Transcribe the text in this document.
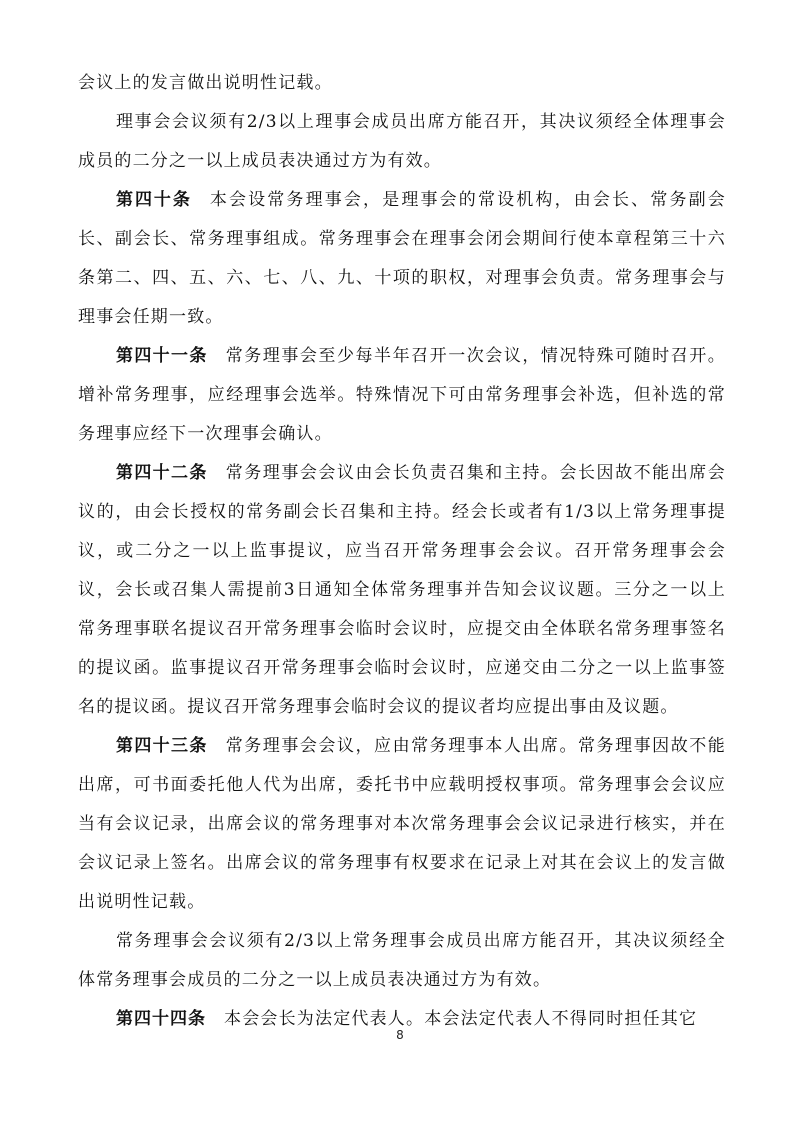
会议上的发言做出说明性记载。

理事会会议须有2/3以上理事会成员出席方能召开，其决议须经全体理事会成员的二分之一以上成员表决通过方为有效。

第四十条 本会设常务理事会，是理事会的常设机构，由会长、常务副会长、副会长、常务理事组成。常务理事会在理事会闭会期间行使本章程第三十六条第二、四、五、六、七、八、九、十项的职权，对理事会负责。常务理事会与理事会任期一致。

第四十一条 常务理事会至少每半年召开一次会议，情况特殊可随时召开。增补常务理事，应经理事会选举。特殊情况下可由常务理事会补选，但补选的常务理事应经下一次理事会确认。

第四十二条 常务理事会会议由会长负责召集和主持。会长因故不能出席会议的，由会长授权的常务副会长召集和主持。经会长或者有1/3以上常务理事提议，或二分之一以上监事提议，应当召开常务理事会会议。召开常务理事会会议，会长或召集人需提前3日通知全体常务理事并告知会议议题。三分之一以上常务理事联名提议召开常务理事会临时会议时，应提交由全体联名常务理事签名的提议函。监事提议召开常务理事会临时会议时，应递交由二分之一以上监事签名的提议函。提议召开常务理事会临时会议的提议者均应提出事由及议题。

第四十三条 常务理事会会议，应由常务理事本人出席。常务理事因故不能出席，可书面委托他人代为出席，委托书中应载明授权事项。常务理事会会议应当有会议记录，出席会议的常务理事对本次常务理事会会议记录进行核实，并在会议记录上签名。出席会议的常务理事有权要求在记录上对其在会议上的发言做出说明性记载。

常务理事会会议须有2/3以上常务理事会成员出席方能召开，其决议须经全体常务理事会成员的二分之一以上成员表决通过方为有效。

第四十四条 本会会长为法定代表人。本会法定代表人不得同时担任其它

8
